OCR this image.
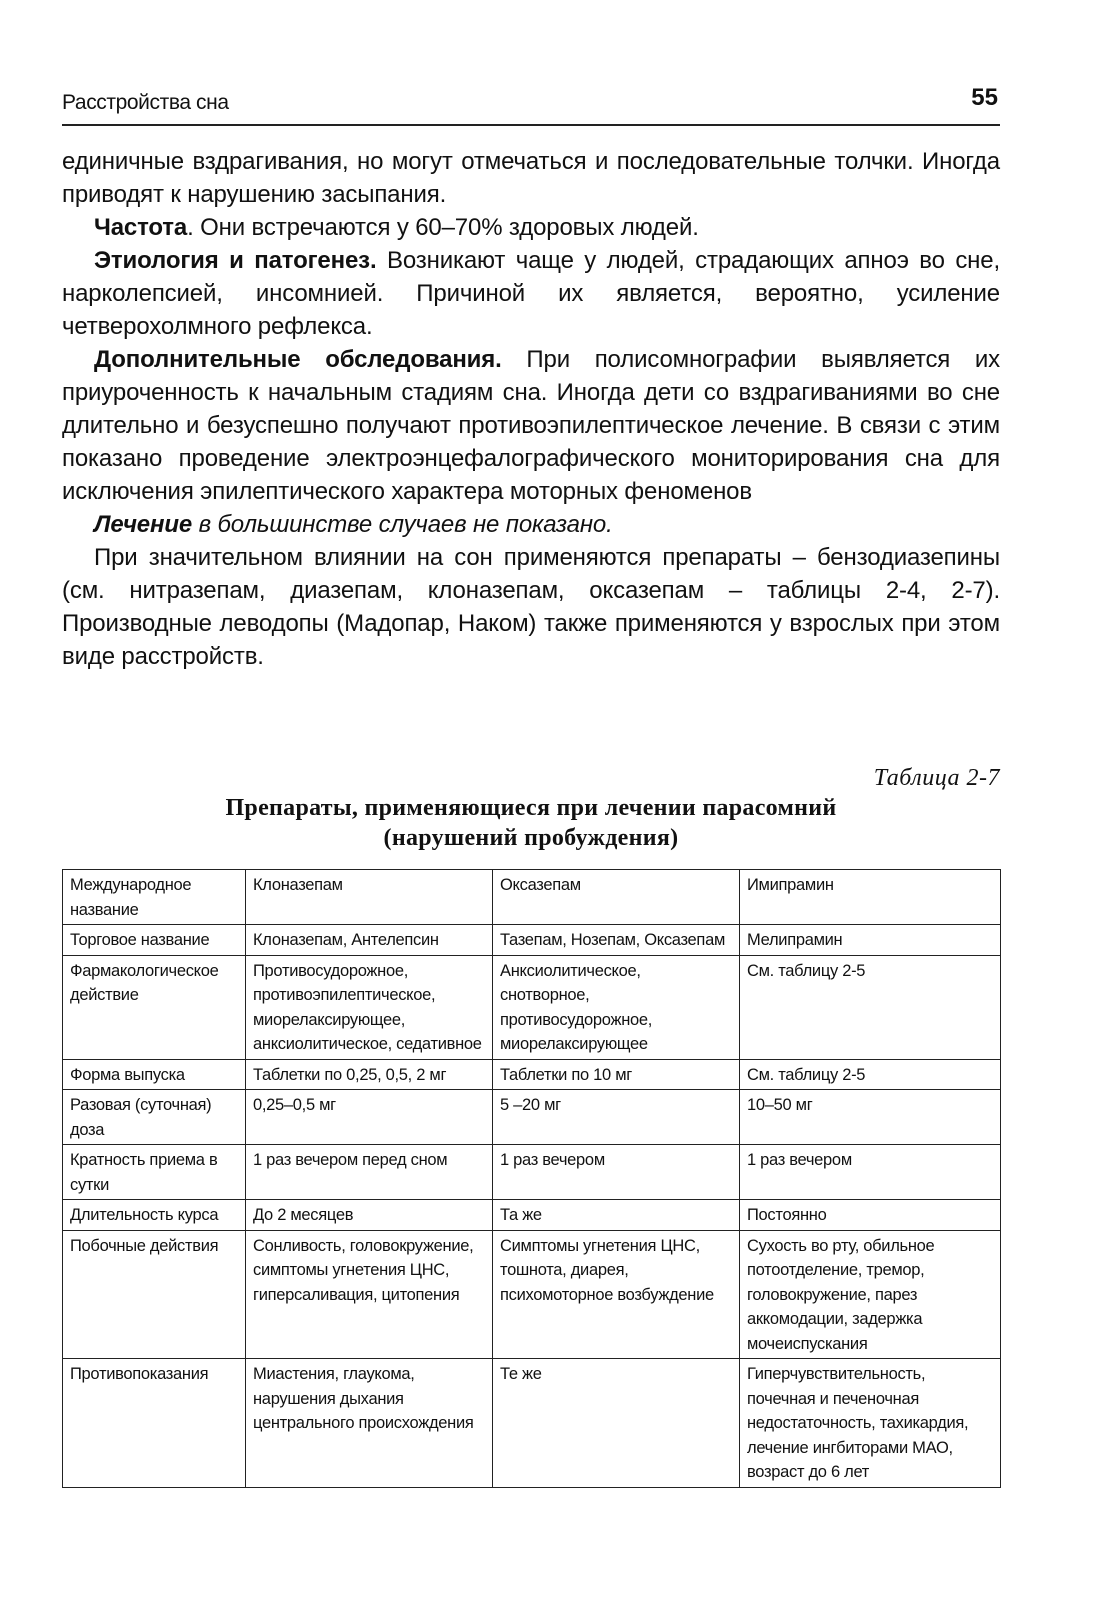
Расстройства сна	55

единичные вздрагивания, но могут отмечаться и последовательные толчки. Иногда приводят к нарушению засыпания.

Частота. Они встречаются у 60–70% здоровых людей.

Этиология и патогенез. Возникают чаще у людей, страдающих апноэ во сне, нарколепсией, инсомнией. Причиной их является, вероятно, усиление четверохолмного рефлекса.

Дополнительные обследования. При полисомнографии выявляется их приуроченность к начальным стадиям сна. Иногда дети со вздрагиваниями во сне длительно и безуспешно получают противоэпилептическое лечение. В связи с этим показано проведение электроэнцефалографического мониторирования сна для исключения эпилептического характера моторных феноменов

Лечение в большинстве случаев не показано.

При значительном влиянии на сон применяются препараты – бензодиазепины (см. нитразепам, диазепам, клоназепам, оксазепам – таблицы 2-4, 2-7). Производные леводопы (Мадопар, Наком) также применяются у взрослых при этом виде расстройств.

Таблица 2-7
Препараты, применяющиеся при лечении парасомний
(нарушений пробуждения)
Международное название	Клоназепам	Оксазепам	Имипрамин
Торговое название	Клоназепам, Антелепсин	Тазепам, Нозепам, Оксазепам	Мелипрамин
Фармакологическое действие	Противосудорожное, противоэпилептическое, миорелаксирующее, анксиолитическое, седативное	Анксиолитическое, снотворное, противосудорожное, миорелаксирующее	См. таблицу 2-5
Форма выпуска	Таблетки по 0,25, 0,5, 2 мг	Таблетки по 10 мг	См. таблицу 2-5
Разовая (суточная) доза	0,25–0,5 мг	5 –20 мг	10–50 мг
Кратность приема в сутки	1 раз вечером перед сном	1 раз вечером	1 раз вечером
Длительность курса	До 2 месяцев	Та же	Постоянно
Побочные действия	Сонливость, головокружение, симптомы угнетения ЦНС, гиперсаливация, цитопения	Симптомы угнетения ЦНС, тошнота, диарея, психомоторное возбуждение	Сухость во рту, обильное потоотделение, тремор, головокружение, парез аккомодации, задержка мочеиспускания
Противопоказания	Миастения, глаукома, нарушения дыхания центрального происхождения	Те же	Гиперчувствительность, почечная и печеночная недостаточность, тахикардия, лечение ингбиторами МАО, возраст до 6 лет
